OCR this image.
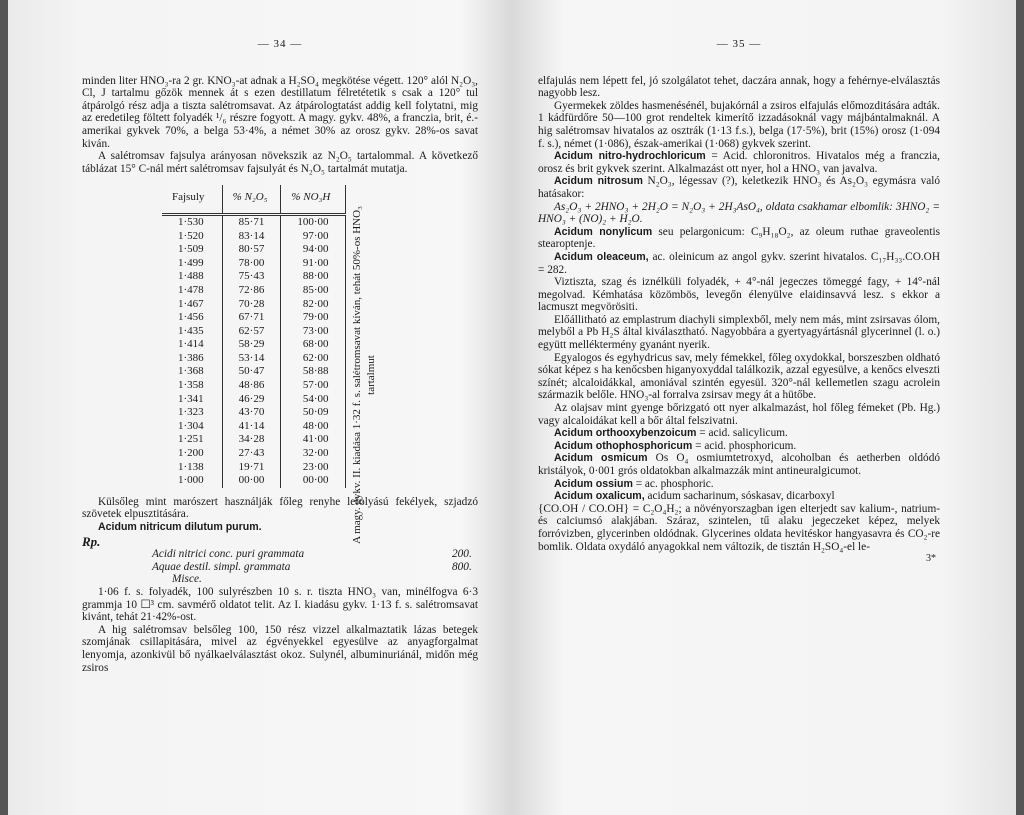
— 34 —

minden liter HNO₃-ra 2 gr. KNO₃-at adnak a H₂SO₄ megkötése végett. 120° alól N₂O₃, Cl, J tartalmu gőzök mennek át s ezen destillatum félretétetik s csak a 120° tul átpárolgó rész adja a tiszta salétromsavat. Az átpárologtatást addig kell folytatni, mig az eredetileg föltett folyadék ¹/₆ részre fogyott. A magy. gykv. 48%, a franczia, brit, é.-amerikai gykvek 70%, a belga 53·4%, a német 30% az orosz gykv. 28%-os savat kiván.

A salétromsav fajsulya arányosan növekszik az N₂O₅ tartalommal. A következő táblázat 15° C-nál mért salétromsav fajsulyát és N₂O₅ tartalmát mutatja.

Fajsuly	% N₂O₅	% NO₃H	A magy. gykv. II. kiadása 1·32 f. s. salétromsavat kíván, tehát 50%-os HNO₃ tartalmut

1·530	85·71	100·00	
1·520	83·14	97·00	
1·509	80·57	94·00	
1·499	78·00	91·00	
1·488	75·43	88·00	
1·478	72·86	85·00	
1·467	70·28	82·00	
1·456	67·71	79·00	
1·435	62·57	73·00	
1·414	58·29	68·00	
1·386	53·14	62·00	
1·368	50·47	58·88	
1·358	48·86	57·00	
1·341	46·29	54·00	
1·323	43·70	50·09	
1·304	41·14	48·00	
1·251	34·28	41·00	
1·200	27·43	32·00	
1·138	19·71	23·00	
1·000	00·00	00·00	

Külsőleg mint marószert használják főleg renyhe lefolyású fekélyek, szjadzó szövetek elpusztitására.

Acidum nitricum dilutum purum.

Rp.
Acidi nitrici conc. puri grammata	200.
Aquae destil. simpl. grammata	800.
Misce.

1·06 f. s. folyadék, 100 sulyrészben 10 s. r. tiszta HNO₃ van, minélfogva 6·3 grammja 10 ☐³ cm. savmérő oldatot telit. Az I. kiadásu gykv. 1·13 f. s. salétromsavat kivánt, tehát 21·42%-ost.

A hig salétromsav belsőleg 100, 150 rész vizzel alkalmaztatik lázas betegek szomjának csillapitására, mivel az égvényekkel egyesülve az anyagforgalmat lenyomja, azonkivül bő nyálkaelválasztást okoz. Sulynél, albuminuriánál, midőn még zsiros

— 35 —

elfajulás nem lépett fel, jó szolgálatot tehet, daczára annak, hogy a fehérnye-elválasztás nagyobb lesz.

Gyermekek zöldes hasmenésénél, bujakórnál a zsiros elfajulás előmozditására adták. 1 kádfürdőre 50—100 grot rendeltek kimerítő izzadásoknál vagy májbántalmaknál. A hig salétromsav hivatalos az osztrák (1·13 f.s.), belga (17·5%), brit (15%) orosz (1·094 f. s.), német (1·086), észak-amerikai (1·068) gykvek szerint.

Acidum nitro-hydrochloricum = Acid. chloronitros. Hivatalos még a franczia, orosz és brit gykvek szerint. Alkalmazást ott nyer, hol a HNO₃ van javalva.

Acidum nitrosum N₂O₃, légessav (?), keletkezik HNO₃ és As₂O₃ egymásra való hatásakor:

As₂O₃ + 2HNO₃ + 2H₂O = N₂O₃ + 2H₃AsO₄, oldata csakhamar elbomlik: 3HNO₂ = HNO₃ + (NO)₂ + H₂O.

Acidum nonylicum seu pelargonicum: C₉H₁₈O₂, az oleum ruthae graveolentis stearoptenje.

Acidum oleaceum, ac. oleinicum az angol gykv. szerint hivatalos. C₁₇H₃₃.CO.OH = 282.

Viztiszta, szag és iznélküli folyadék, + 4°-nál jegeczes tömeggé fagy, + 14°-nál megolvad. Kémhatása közömbös, levegőn élenyülve elaidinsavvá lesz. s ekkor a lacmuszt megvörösiti.

Előállitható az emplastrum diachyli simplexből, mely nem más, mint zsirsavas ólom, melyből a Pb H₂S által kiválasztható. Nagyobbára a gyertyagyártásnál glycerinnel (l. o.) együtt melléktermény gyanánt nyerik.

Egyalogos és egyhydricus sav, mely fémekkel, főleg oxydokkal, borszeszben oldható sókat képez s ha kenőcsben higanyoxyddal találkozik, azzal egyesülve, a kenőcs elveszti színét; alcaloidákkal, amoniával szintén egyesül. 320°-nál kellemetlen szagu acrolein származik belőle. HNO₃-al forralva zsirsav megy át a hütőbe.

Az olajsav mint gyenge bőrizgató ott nyer alkalmazást, hol főleg fémeket (Pb. Hg.) vagy alcaloidákat kell a bőr által felszivatni.

Acidum orthooxybenzoicum = acid. salicylicum.

Acidum othophosphoricum = acid. phosphoricum.

Acidum osmicum Os O₄ osmiumtetroxyd, alcoholban és aetherben oldódó kristályok, 0·001 grós oldatokban alkalmazzák mint antineuralgicumot.

Acidum ossium = ac. phosphoric.

Acidum oxalicum, acidum sacharinum, sóskasav, dicarboxyl

{CO.OH / CO.OH} = C₂O₄H₂; a növényorszagban igen elterjedt sav kalium-, natrium- és calciumsó alakjában. Száraz, szintelen, tű alaku jegeczeket képez, melyek forróvizben, glycerinben oldódnak. Glycerines oldata hevitéskor hangyasavra és CO₂-re bomlik. Oldata oxydáló anyagokkal nem változik, de tisztán H₂SO₄-el le-

3*
